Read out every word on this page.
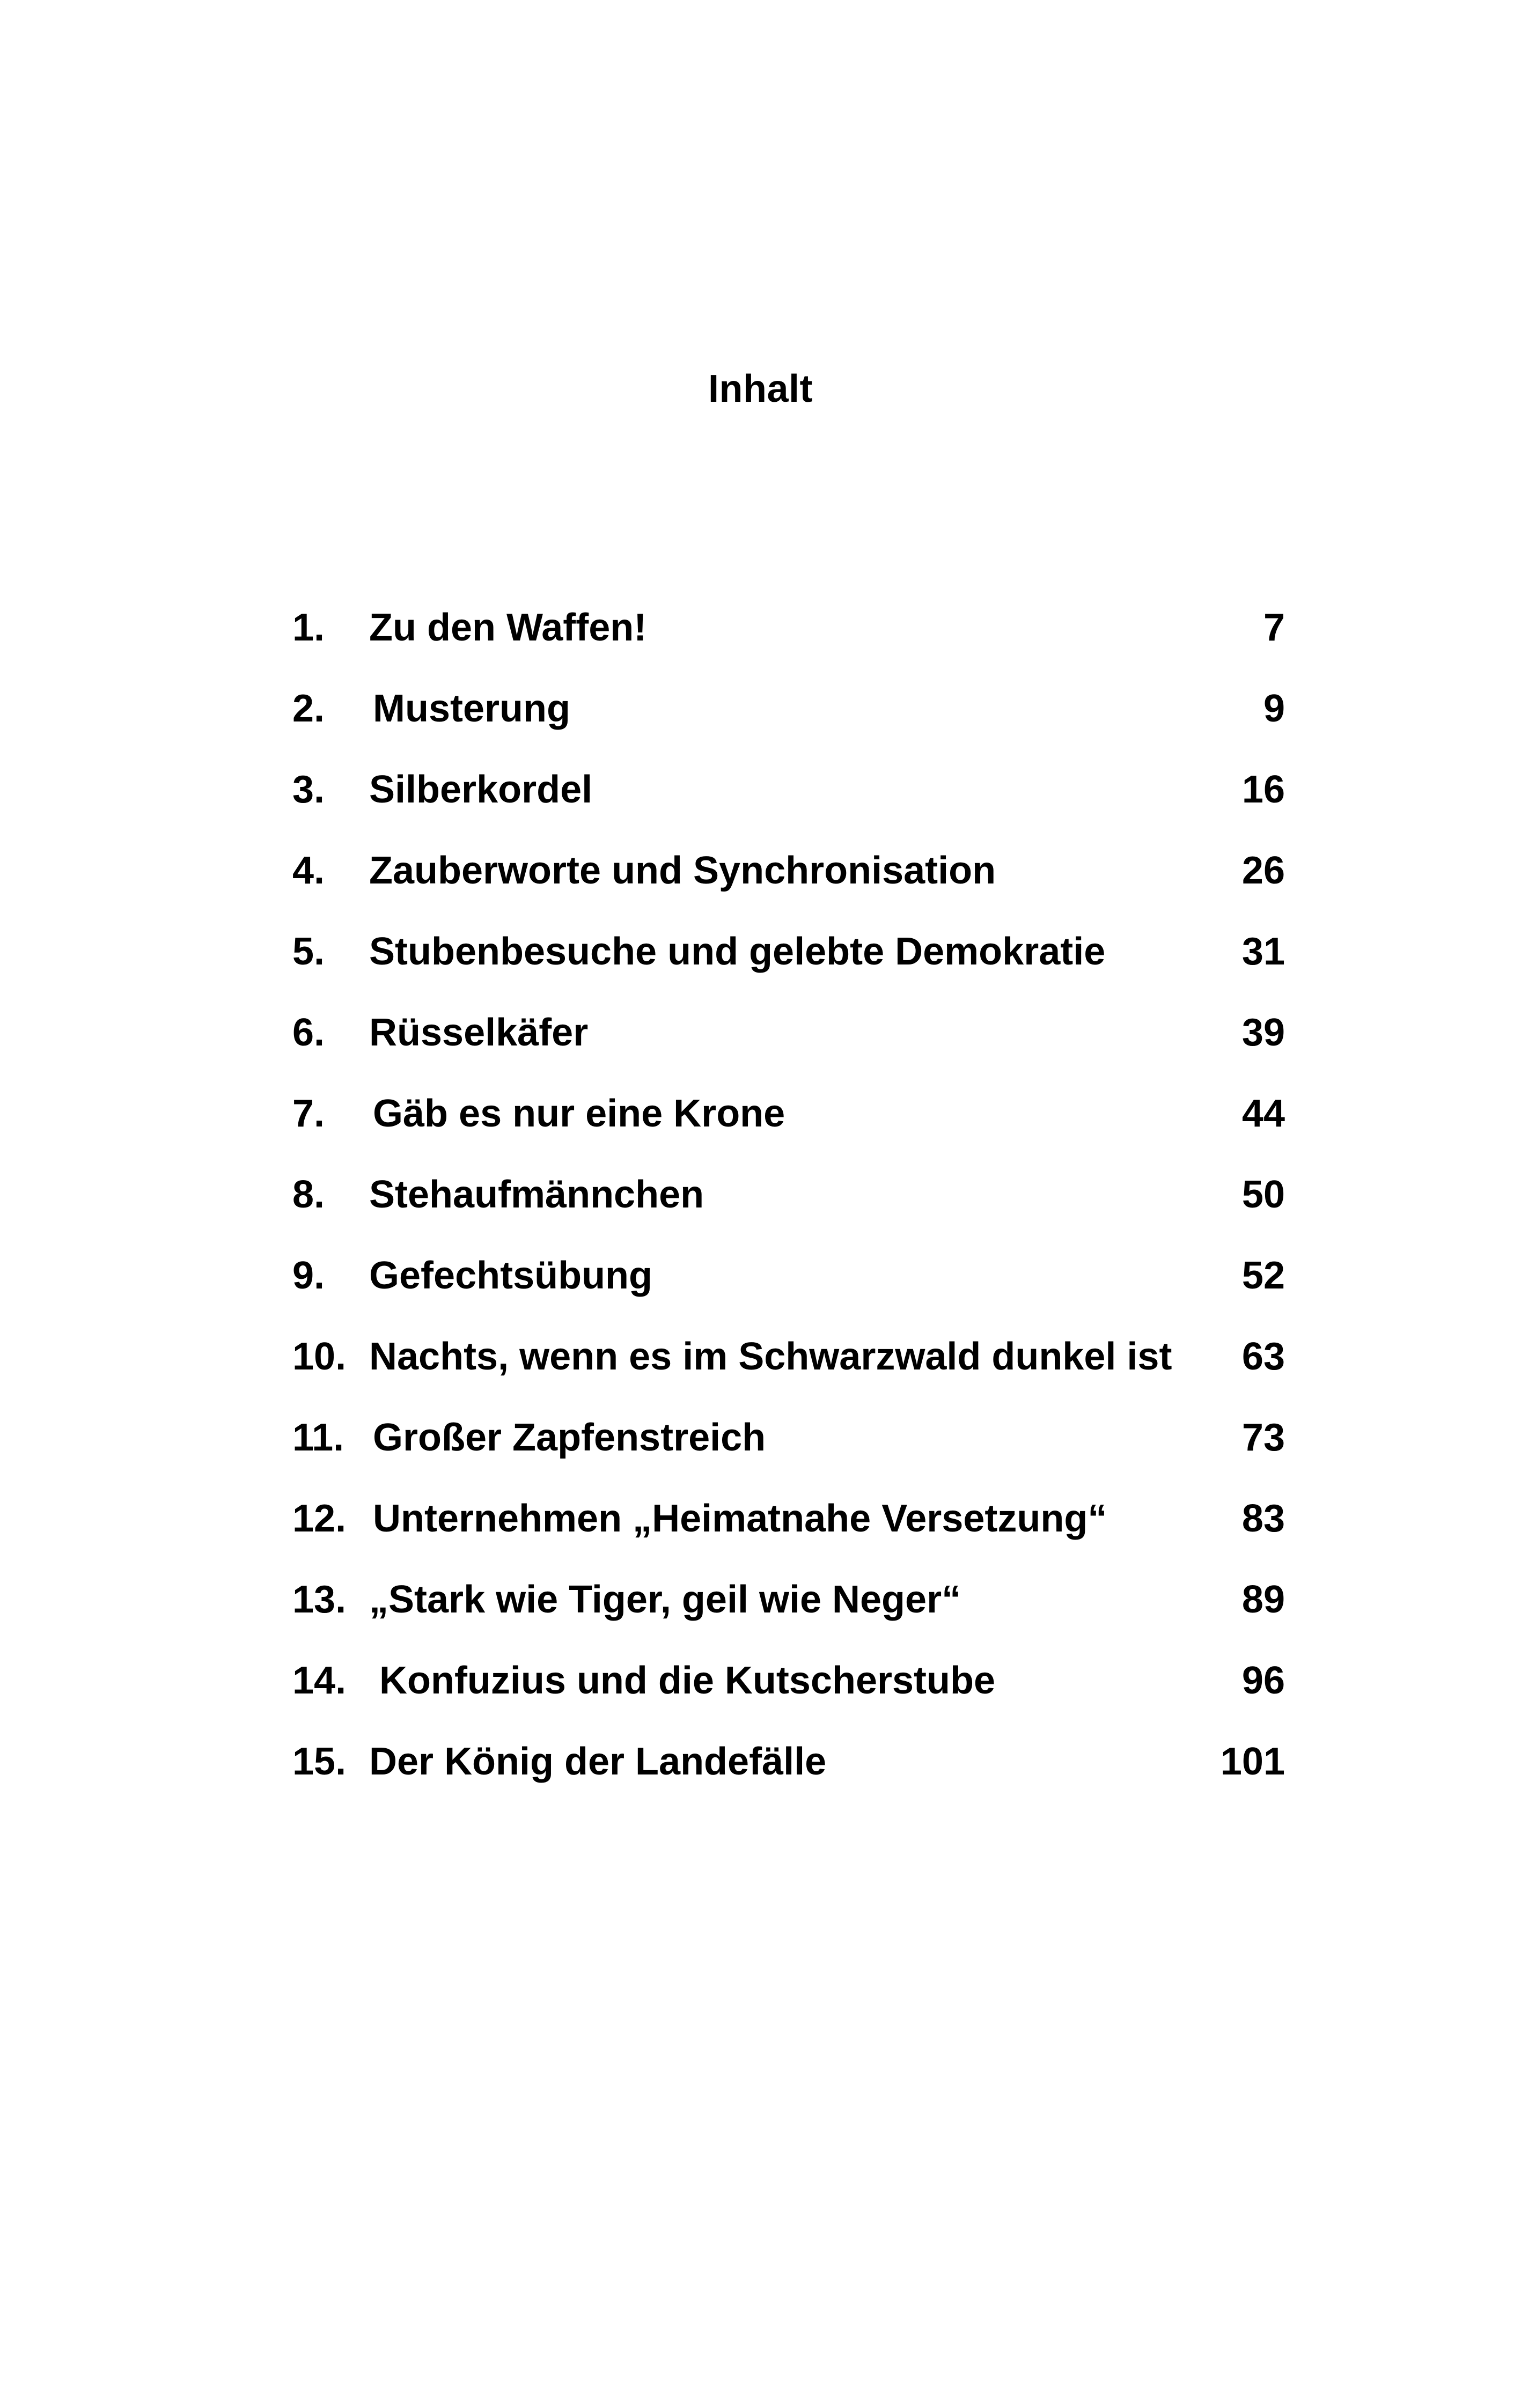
Inhalt
1. Zu den Waffen!	7
2. Musterung	9
3. Silberkordel	16
4. Zauberworte und Synchronisation	26
5. Stubenbesuche und gelebte Demokratie	31
6. Rüsselkäfer	39
7. Gäb es nur eine Krone	44
8. Stehaufmännchen	50
9. Gefechtsübung	52
10. Nachts, wenn es im Schwarzwald dunkel ist 63
11. Großer Zapfenstreich	73
12. Unternehmen „Heimatnahe Versetzung“	83
13. „Stark wie Tiger, geil wie Neger“	89
14. Konfuzius und die Kutscherstube	96
15. Der König der Landefälle	101
